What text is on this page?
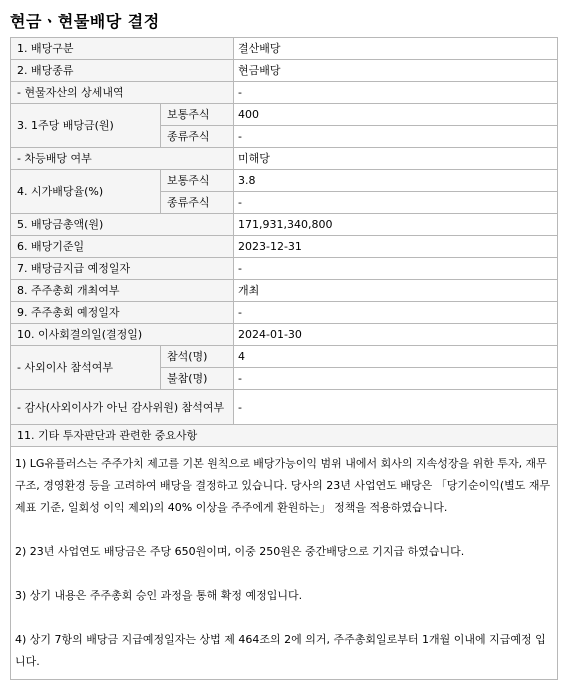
현금ㆍ현물배당 결정
1. 배당구분		결산배당
2. 배당종류		현금배당
- 현물자산의 상세내역		-
3. 1주당 배당금(원)	보통주식	400
	종류주식	-
- 차등배당 여부		미해당
4. 시가배당율(%)	보통주식	3.8
	종류주식	-
5. 배당금총액(원)		171,931,340,800
6. 배당기준일		2023-12-31
7. 배당금지급 예정일자		-
8. 주주총회 개최여부		개최
9. 주주총회 예정일자		-
10. 이사회결의일(결정일)		2024-01-30
- 사외이사 참석여부	참석(명)	4
	불참(명)	-
- 감사(사외이사가 아닌 감사위원) 참석여부		-
11. 기타 투자판단과 관련한 중요사항		

1) LG유플러스는 주주가치 제고를 기본 원칙으로 배당가능이익 범위 내에서 회사의 지속성장을 위한 투자, 재무구조, 경영환경 등을 고려하여 배당을 결정하고 있습니다. 당사의 23년 사업연도 배당은 「당기순이익(별도 재무제표 기준, 일회성 이익 제외)의 40% 이상을 주주에게 환원하는」 정책을 적용하였습니다.

2) 23년 사업연도 배당금은 주당 650원이며, 이중 250원은 중간배당으로 기지급 하였습니다.

3) 상기 내용은 주주총회 승인 과정을 통해 확정 예정입니다.

4) 상기 7항의 배당금 지급예정일자는 상법 제 464조의 2에 의거, 주주총회일로부터 1개월 이내에 지급예정 입니다.		
